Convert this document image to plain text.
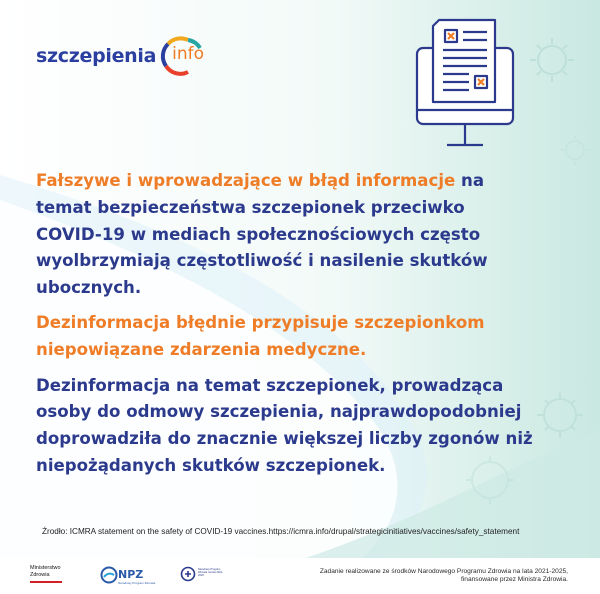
szczepienia info

Fałszywe i wprowadzające w błąd informacje na
temat bezpieczeństwa szczepionek przeciwko
COVID-19 w mediach społecznościowych często
wyolbrzymiają częstotliwość i nasilenie skutków
ubocznych.

Dezinformacja błędnie przypisuje szczepionkom
niepowiązane zdarzenia medyczne.

Dezinformacja na temat szczepionek, prowadząca
osoby do odmowy szczepienia, najprawdopodobniej
doprowadziła do znacznie większej liczby zgonów niż
niepożądanych skutków szczepionek.

Źrodło: ICMRA statement on the safety of COVID-19 vaccines.https://icmra.info/drupal/strategicinitiatives/vaccines/safety_statement
Ministerstwo
Zdrowia	NPZ
Narodowy Program Zdrowia
Narodowy Program Zdrowia na lata 2021-2025
Zadanie realizowane ze środków Narodowego Programu Zdrowia na lata 2021-2025,
finansowane przez Ministra Zdrowia.
